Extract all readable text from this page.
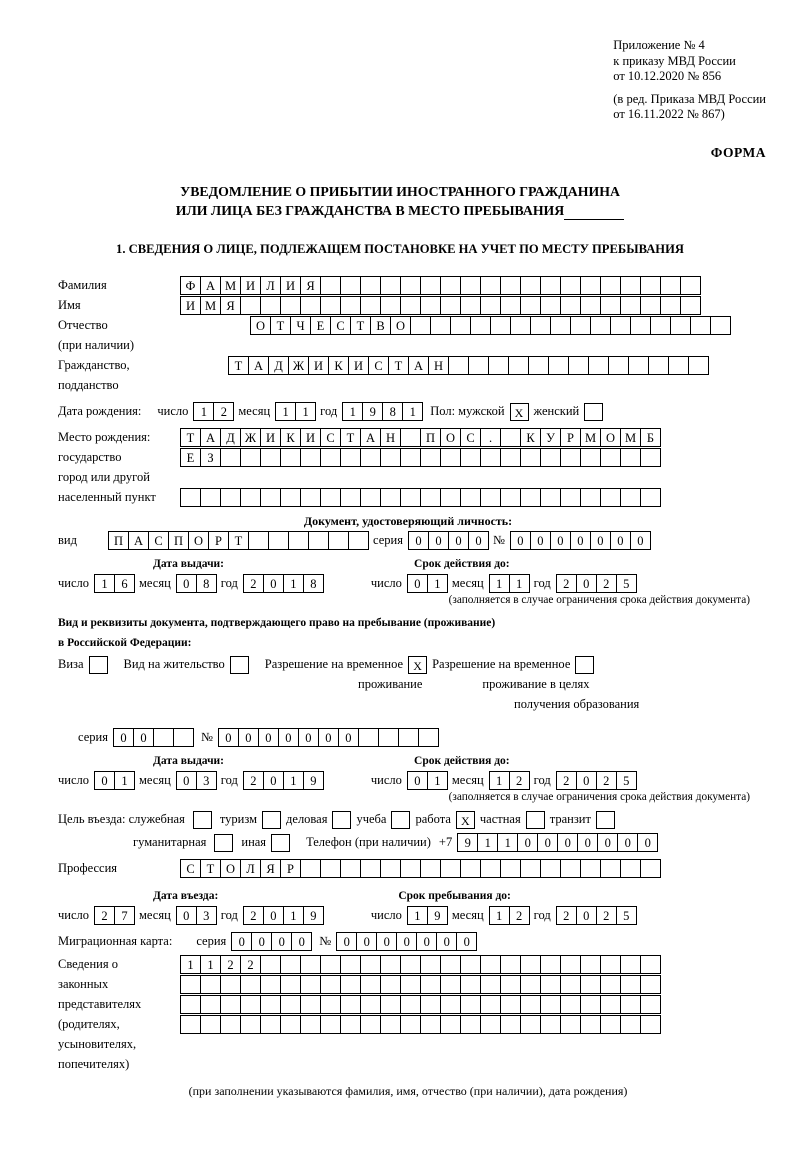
Приложение № 4
к приказу МВД России
от 10.12.2020 № 856
(в ред. Приказа МВД России
от 16.11.2022 № 867)
ФОРМА
УВЕДОМЛЕНИЕ О ПРИБЫТИИ ИНОСТРАННОГО ГРАЖДАНИНА
ИЛИ ЛИЦА БЕЗ ГРАЖДАНСТВА В МЕСТО ПРЕБЫВАНИЯ
1. СВЕДЕНИЯ О ЛИЦЕ, ПОДЛЕЖАЩЕМ ПОСТАНОВКЕ НА УЧЕТ ПО МЕСТУ ПРЕБЫВАНИЯ
Фамилия	Ф А М И Л И Я
Имя	И М Я
Отчество	О Т Ч Е С Т В О
(при наличии)
Гражданство,	Т А Д Ж И К И С Т А Н
подданство
Дата рождения: число 1	2 месяц 1	1 год 1	9	8	1	Пол: мужской X женский
Место рождения:	Т А Д Ж И К И С Т А Н	П О С	.	К У Р М О М Б
государство	Е	З
город или другой
населенный пункт
Документ, удостоверяющий личность:
вид	П А С П О Р	Т	серия 0	0	0	0 № 0	0	0	0	0	0	0
Дата выдачи:	Срок действия до:
число 1	6 месяц 0	8 год 2	0	1	8	число 0	1 месяц 1	1 год 2	0	2	5
(заполняется в случае ограничения срока действия документа)
Вид и реквизиты документа, подтверждающего право на пребывание (проживание)
в Российской Федерации:
Виза	Вид на жительство	Разрешение на временное X Разрешение на временное
проживание	проживание в целях
получения образования
серия 0	0	№ 0	0	0	0	0	0	0
Дата выдачи:	Срок действия до:
число 0	1 месяц 0	3 год 2	0	1	9	число 0	1 месяц 1	2 год 2	0	2	5
(заполняется в случае ограничения срока действия документа)
Цель въезда: служебная	туризм деловая учеба работа X частная транзит
гуманитарная	иная	Телефон (при наличии) +7 9	1	1	0	0	0	0	0	0	0
Профессия	С Т О Л Я Р
Дата въезда:	Срок пребывания до:
число 2	7 месяц 0	3 год 2	0	1	9	число 1	9 месяц 1	2 год 2	0	2	5
Миграционная карта: серия 0	0	0	0	№ 0	0	0	0	0	0	0
Сведения о	1	1	2	2
законных
представителях
(родителях,
усыновителях,
попечителях)
(при заполнении указываются фамилия, имя, отчество (при наличии), дата рождения)
